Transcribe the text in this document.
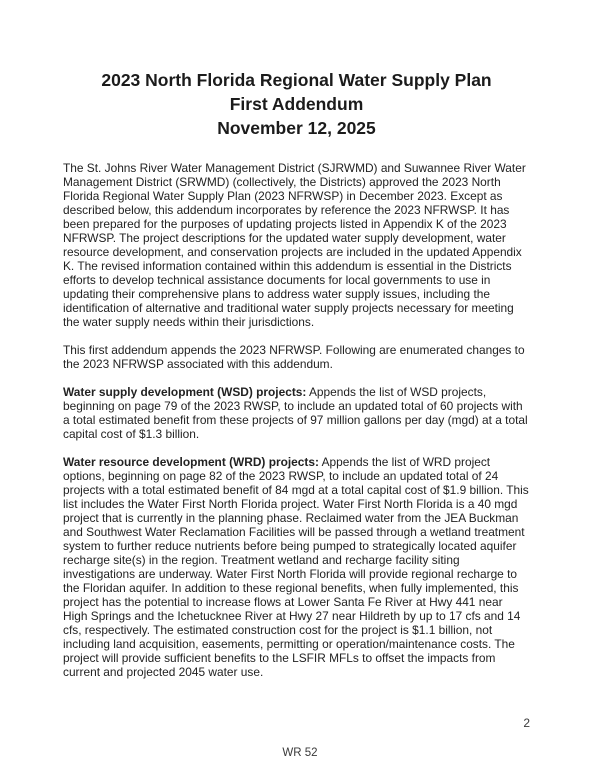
2023 North Florida Regional Water Supply Plan
First Addendum
November 12, 2025

The St. Johns River Water Management District (SJRWMD) and Suwannee River Water Management District (SRWMD) (collectively, the Districts) approved the 2023 North Florida Regional Water Supply Plan (2023 NFRWSP) in December 2023. Except as described below, this addendum incorporates by reference the 2023 NFRWSP. It has been prepared for the purposes of updating projects listed in Appendix K of the 2023 NFRWSP. The project descriptions for the updated water supply development, water resource development, and conservation projects are included in the updated Appendix K. The revised information contained within this addendum is essential in the Districts efforts to develop technical assistance documents for local governments to use in updating their comprehensive plans to address water supply issues, including the identification of alternative and traditional water supply projects necessary for meeting the water supply needs within their jurisdictions.

This first addendum appends the 2023 NFRWSP. Following are enumerated changes to the 2023 NFRWSP associated with this addendum.

Water supply development (WSD) projects: Appends the list of WSD projects, beginning on page 79 of the 2023 RWSP, to include an updated total of 60 projects with a total estimated benefit from these projects of 97 million gallons per day (mgd) at a total capital cost of $1.3 billion.

Water resource development (WRD) projects: Appends the list of WRD project options, beginning on page 82 of the 2023 RWSP, to include an updated total of 24 projects with a total estimated benefit of 84 mgd at a total capital cost of $1.9 billion. This list includes the Water First North Florida project. Water First North Florida is a 40 mgd project that is currently in the planning phase. Reclaimed water from the JEA Buckman and Southwest Water Reclamation Facilities will be passed through a wetland treatment system to further reduce nutrients before being pumped to strategically located aquifer recharge site(s) in the region. Treatment wetland and recharge facility siting investigations are underway. Water First North Florida will provide regional recharge to the Floridan aquifer. In addition to these regional benefits, when fully implemented, this project has the potential to increase flows at Lower Santa Fe River at Hwy 441 near High Springs and the Ichetucknee River at Hwy 27 near Hildreth by up to 17 cfs and 14 cfs, respectively. The estimated construction cost for the project is $1.1 billion, not including land acquisition, easements, permitting or operation/maintenance costs. The project will provide sufficient benefits to the LSFIR MFLs to offset the impacts from current and projected 2045 water use.

2
WR 52
